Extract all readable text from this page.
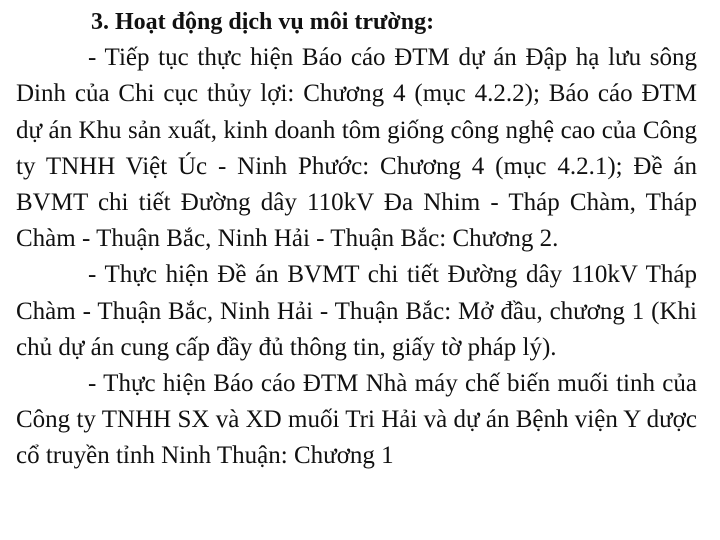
3. Hoạt động dịch vụ môi trường:

- Tiếp tục thực hiện Báo cáo ĐTM dự án Đập hạ lưu sông Dinh của Chi cục thủy lợi: Chương 4 (mục 4.2.2); Báo cáo ĐTM dự án Khu sản xuất, kinh doanh tôm giống công nghệ cao của Công ty TNHH Việt Úc - Ninh Phước: Chương 4 (mục 4.2.1); Đề án BVMT chi tiết Đường dây 110kV Đa Nhim - Tháp Chàm, Tháp Chàm - Thuận Bắc, Ninh Hải - Thuận Bắc: Chương 2.

- Thực hiện Đề án BVMT chi tiết Đường dây 110kV Tháp Chàm - Thuận Bắc, Ninh Hải - Thuận Bắc: Mở đầu, chương 1 (Khi chủ dự án cung cấp đầy đủ thông tin, giấy tờ pháp lý).

- Thực hiện Báo cáo ĐTM Nhà máy chế biến muối tinh của Công ty TNHH SX và XD muối Tri Hải và dự án Bệnh viện Y dược cổ truyền tỉnh Ninh Thuận: Chương 1
